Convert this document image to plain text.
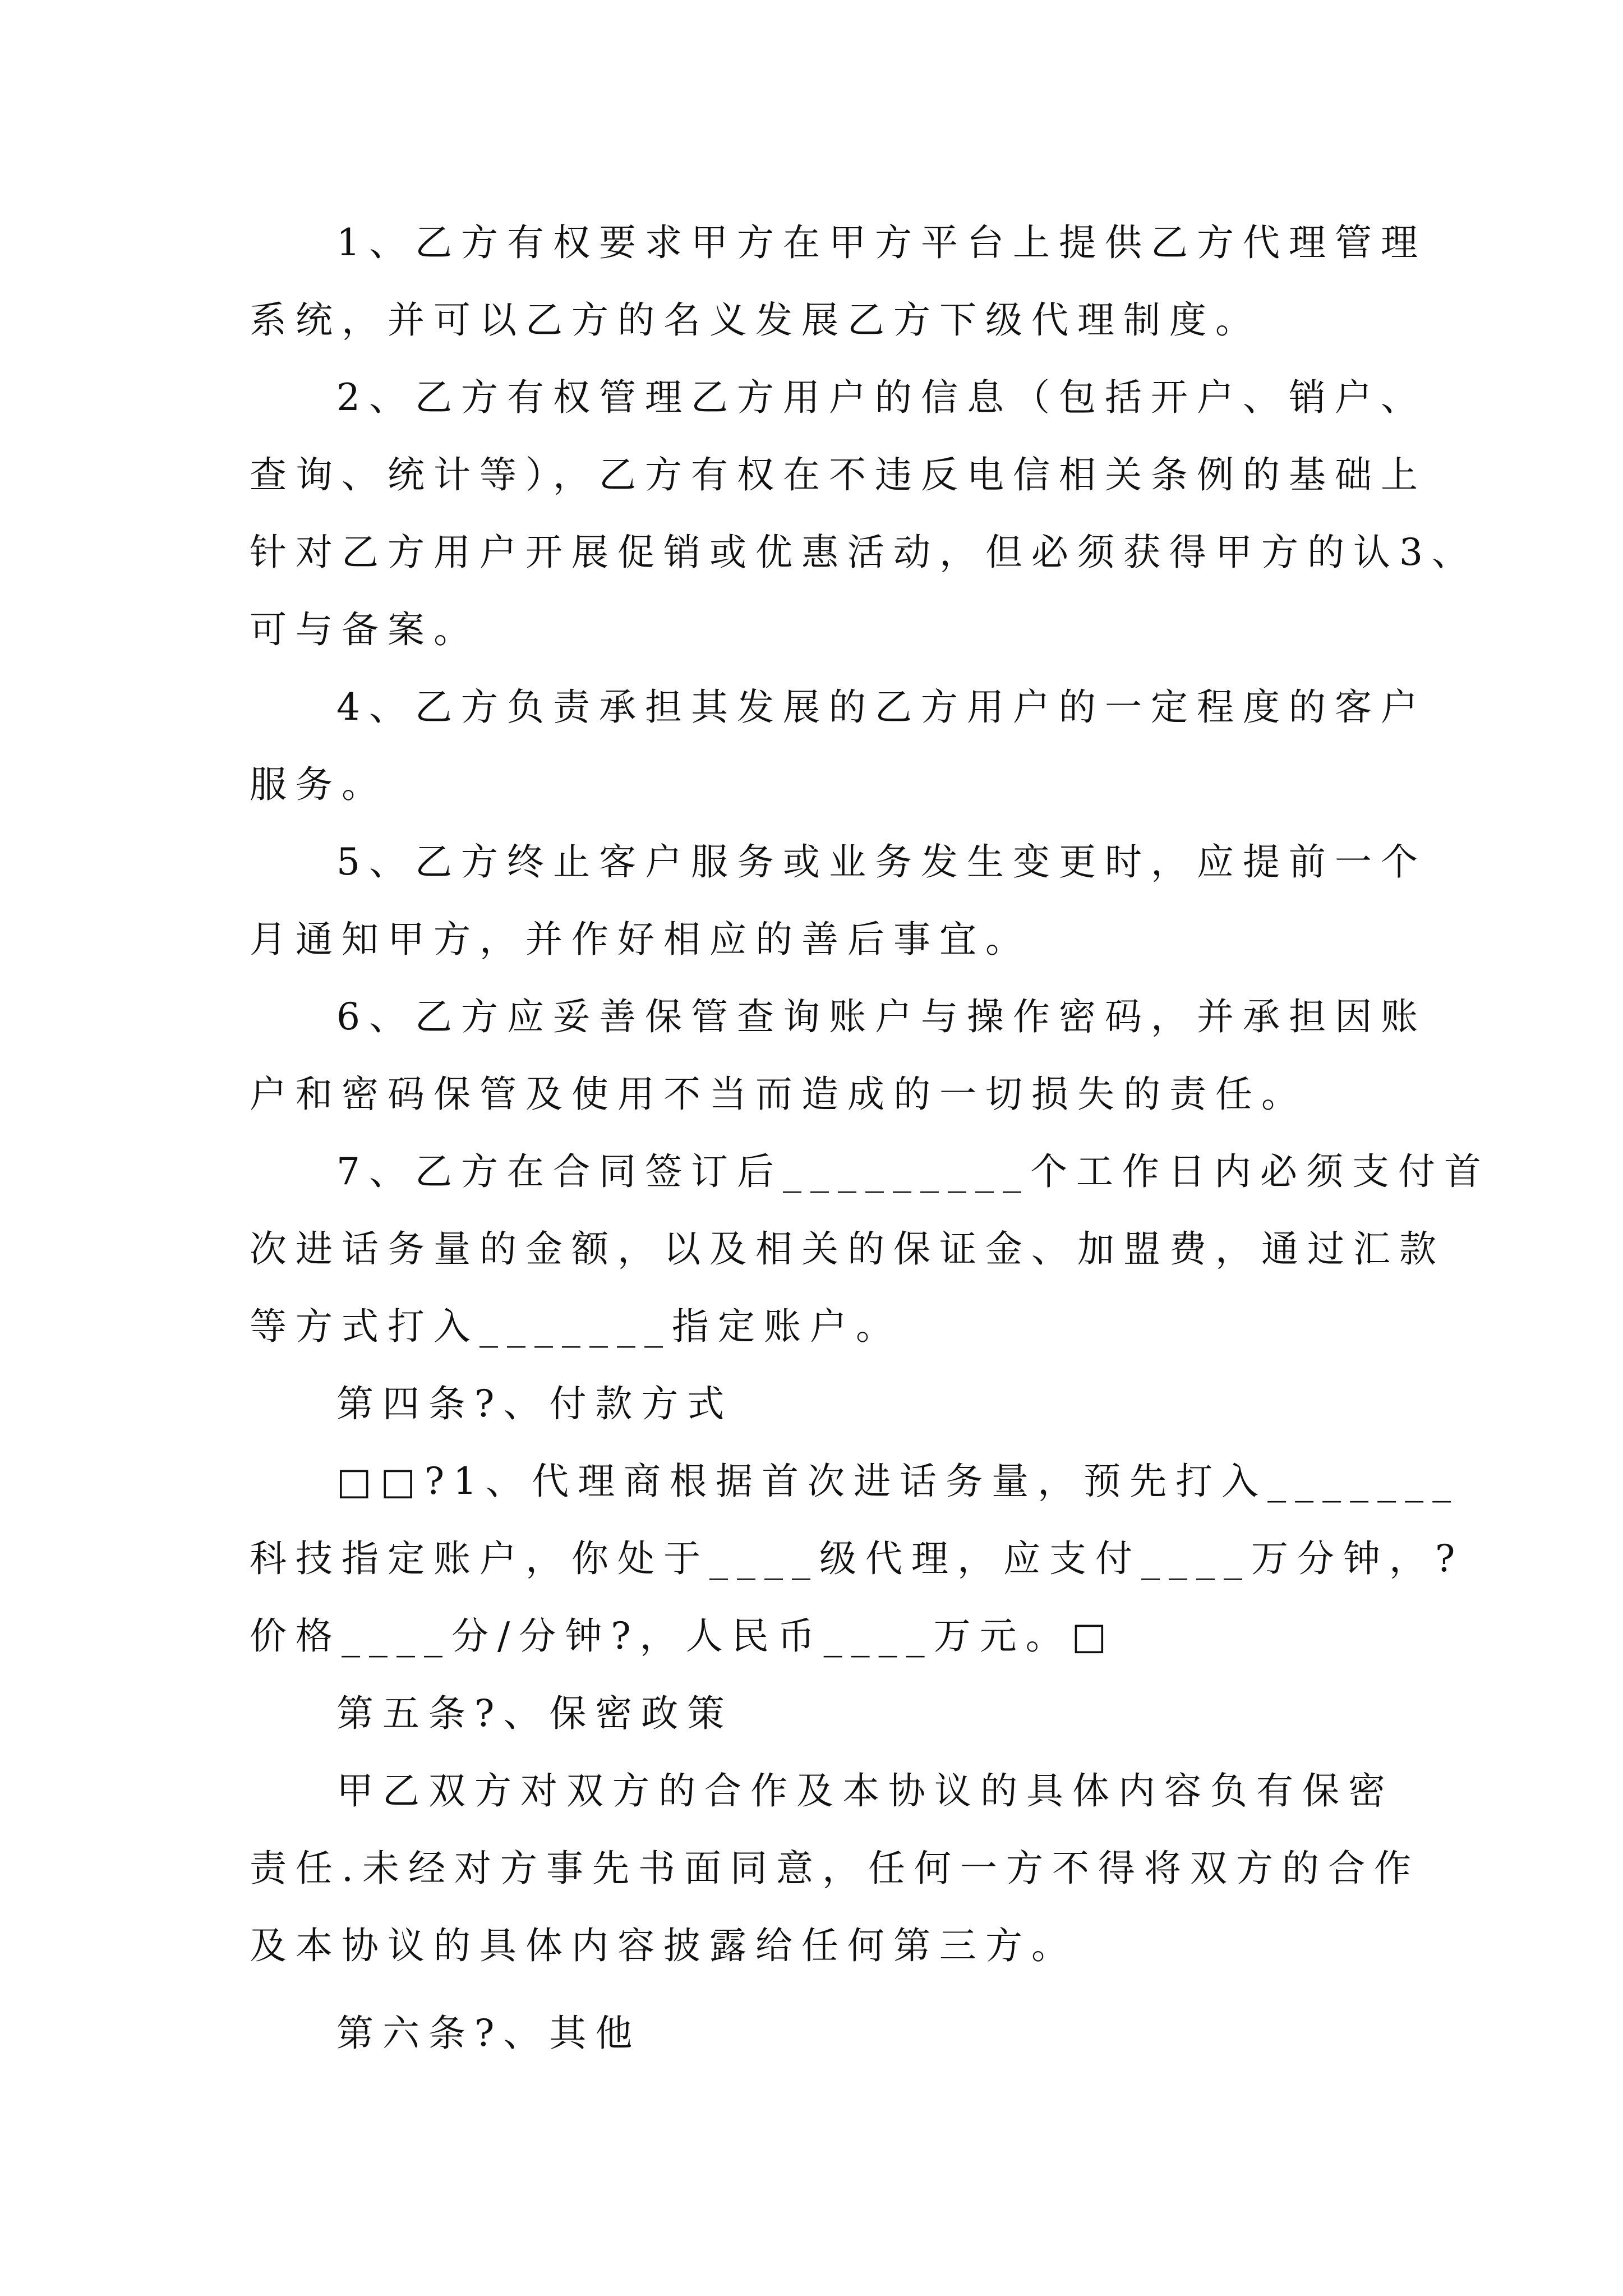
1、乙方有权要求甲方在甲方平台上提供乙方代理管理
系统，并可以乙方的名义发展乙方下级代理制度。
2、乙方有权管理乙方用户的信息（包括开户、销户、
查询、统计等），乙方有权在不违反电信相关条例的基础上
针对乙方用户开展促销或优惠活动，但必须获得甲方的认3、
可与备案。
4、乙方负责承担其发展的乙方用户的一定程度的客户
服务。
5、乙方终止客户服务或业务发生变更时，应提前一个
月通知甲方，并作好相应的善后事宜。
6、乙方应妥善保管查询账户与操作密码，并承担因账
户和密码保管及使用不当而造成的一切损失的责任。
7、乙方在合同签订后_________个工作日内必须支付首
次进话务量的金额，以及相关的保证金、加盟费，通过汇款
等方式打入_______指定账户。
第四条?、付款方式
□□?1、代理商根据首次进话务量，预先打入_______
科技指定账户，你处于____级代理，应支付____万分钟，?
价格____分/分钟?，人民币____万元。□
第五条?、保密政策
甲乙双方对双方的合作及本协议的具体内容负有保密
责任.未经对方事先书面同意，任何一方不得将双方的合作
及本协议的具体内容披露给任何第三方。
第六条?、其他
